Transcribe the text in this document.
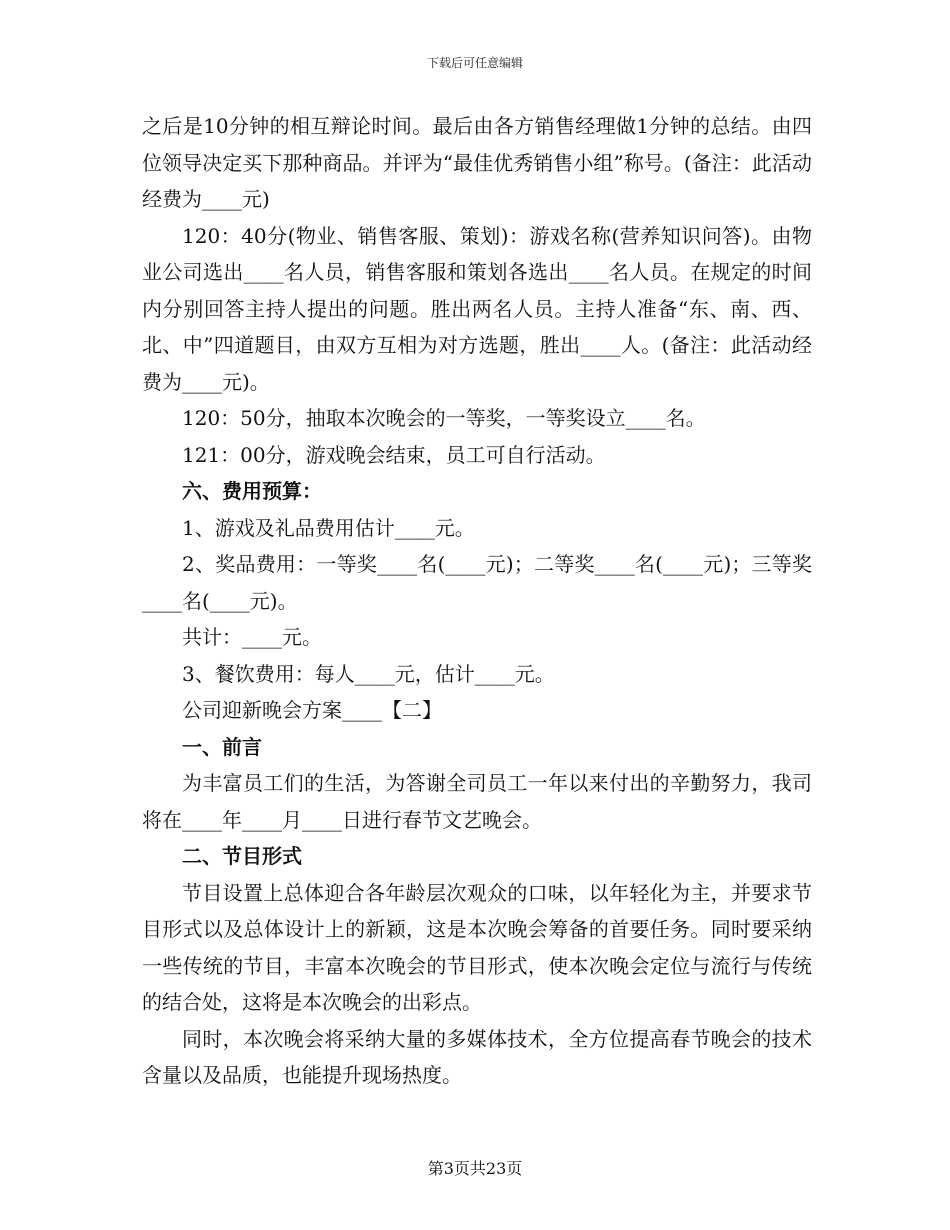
下载后可任意编辑

之后是10分钟的相互辩论时间。最后由各方销售经理做1分钟的总结。由四位领导决定买下那种商品。并评为“最佳优秀销售小组”称号。(备注：此活动经费为____元)

120：40分(物业、销售客服、策划)：游戏名称(营养知识问答)。由物业公司选出____名人员，销售客服和策划各选出____名人员。在规定的时间内分别回答主持人提出的问题。胜出两名人员。主持人准备“东、南、西、北、中”四道题目，由双方互相为对方选题，胜出____人。(备注：此活动经费为____元)。

120：50分，抽取本次晚会的一等奖，一等奖设立____名。

121：00分，游戏晚会结束，员工可自行活动。

六、费用预算：

1、游戏及礼品费用估计____元。

2、奖品费用：一等奖____名(____元)；二等奖____名(____元)；三等奖____名(____元)。

共计：____元。

3、餐饮费用：每人____元，估计____元。

公司迎新晚会方案____【二】

一、前言

为丰富员工们的生活，为答谢全司员工一年以来付出的辛勤努力，我司将在____年____月____日进行春节文艺晚会。

二、节目形式

节目设置上总体迎合各年龄层次观众的口味，以年轻化为主，并要求节目形式以及总体设计上的新颖，这是本次晚会筹备的首要任务。同时要采纳一些传统的节目，丰富本次晚会的节目形式，使本次晚会定位与流行与传统的结合处，这将是本次晚会的出彩点。

同时，本次晚会将采纳大量的多媒体技术，全方位提高春节晚会的技术含量以及品质，也能提升现场热度。

第3页共23页
